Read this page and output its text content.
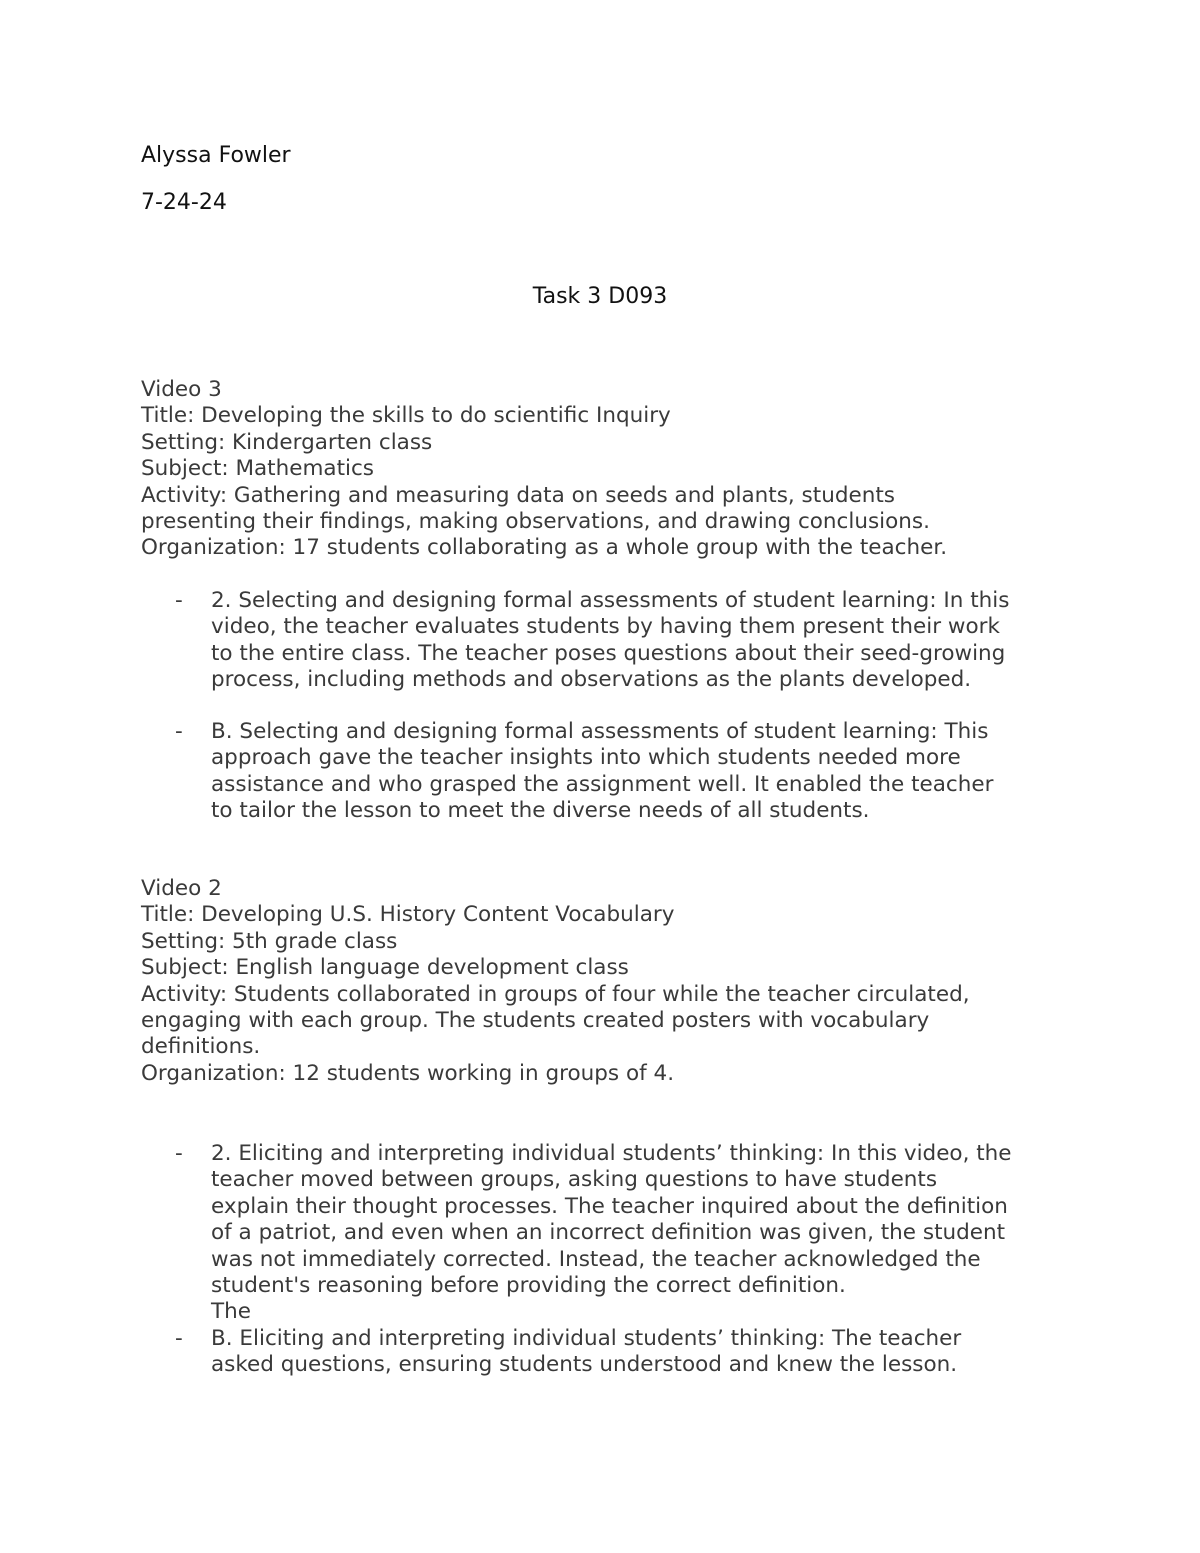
Alyssa Fowler
7-24-24
Task 3 D093
Video 3
Title: Developing the skills to do scientific Inquiry
Setting: Kindergarten class
Subject: Mathematics
Activity: Gathering and measuring data on seeds and plants, students
presenting their findings, making observations, and drawing conclusions.
Organization: 17 students collaborating as a whole group with the teacher.
- 2. Selecting and designing formal assessments of student learning: In this
video, the teacher evaluates students by having them present their work
to the entire class. The teacher poses questions about their seed-growing
process, including methods and observations as the plants developed.
- B. Selecting and designing formal assessments of student learning: This
approach gave the teacher insights into which students needed more
assistance and who grasped the assignment well. It enabled the teacher
to tailor the lesson to meet the diverse needs of all students.
Video 2
Title: Developing U.S. History Content Vocabulary
Setting: 5th grade class
Subject: English language development class
Activity: Students collaborated in groups of four while the teacher circulated,
engaging with each group. The students created posters with vocabulary
definitions.
Organization: 12 students working in groups of 4.
- 2. Eliciting and interpreting individual students’ thinking: In this video, the
teacher moved between groups, asking questions to have students
explain their thought processes. The teacher inquired about the definition
of a patriot, and even when an incorrect definition was given, the student
was not immediately corrected. Instead, the teacher acknowledged the
student's reasoning before providing the correct definition.
The
- B. Eliciting and interpreting individual students’ thinking: The teacher
asked questions, ensuring students understood and knew the lesson.
